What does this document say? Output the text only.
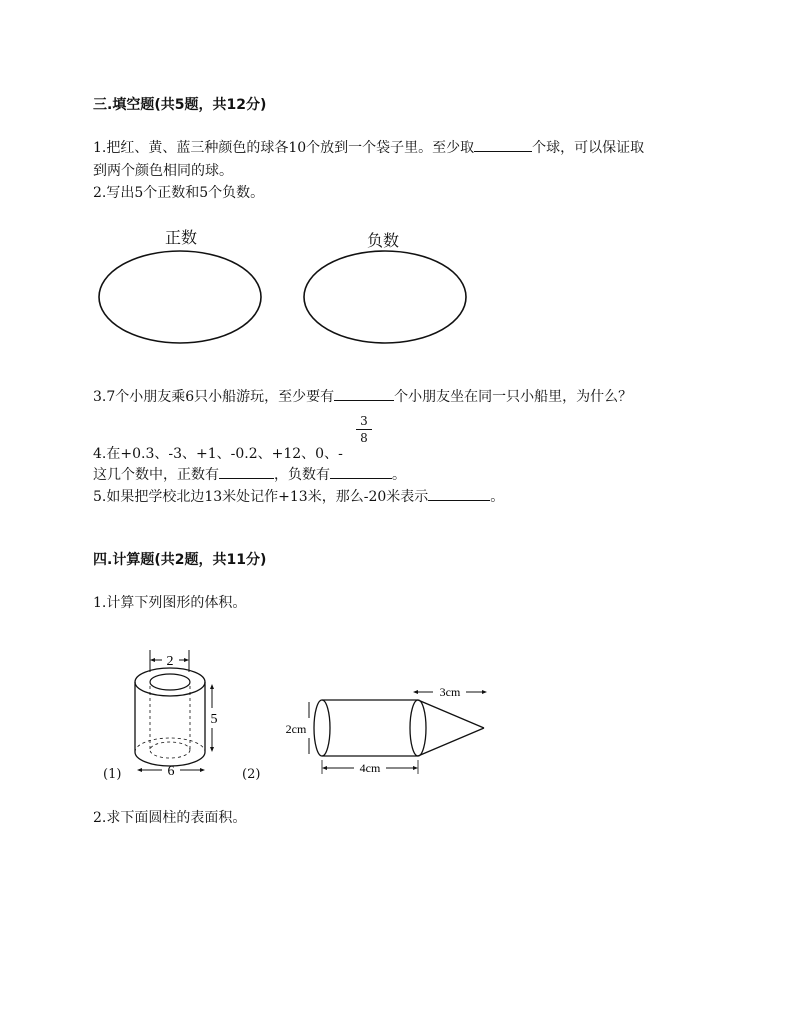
三.填空题(共5题，共12分)
1.把红、黄、蓝三种颜色的球各10个放到一个袋子里。至少取	个球，可以保证取
到两个颜色相同的球。
2.写出5个正数和5个负数。
正数	负数
3.7个小朋友乘6只小船游玩，至少要有	个小朋友坐在同一只小船里，为什么？
3
8
4.在+0.3、-3、+1、-0.2、+12、0、-
这几个数中，正数有	，负数有	。
5.如果把学校北边13米处记作+13米，那么-20米表示	。
四.计算题(共2题，共11分)
1.计算下列图形的体积。
2
5
6
(1)
3cm
2cm
4cm
(2)
2.求下面圆柱的表面积。
